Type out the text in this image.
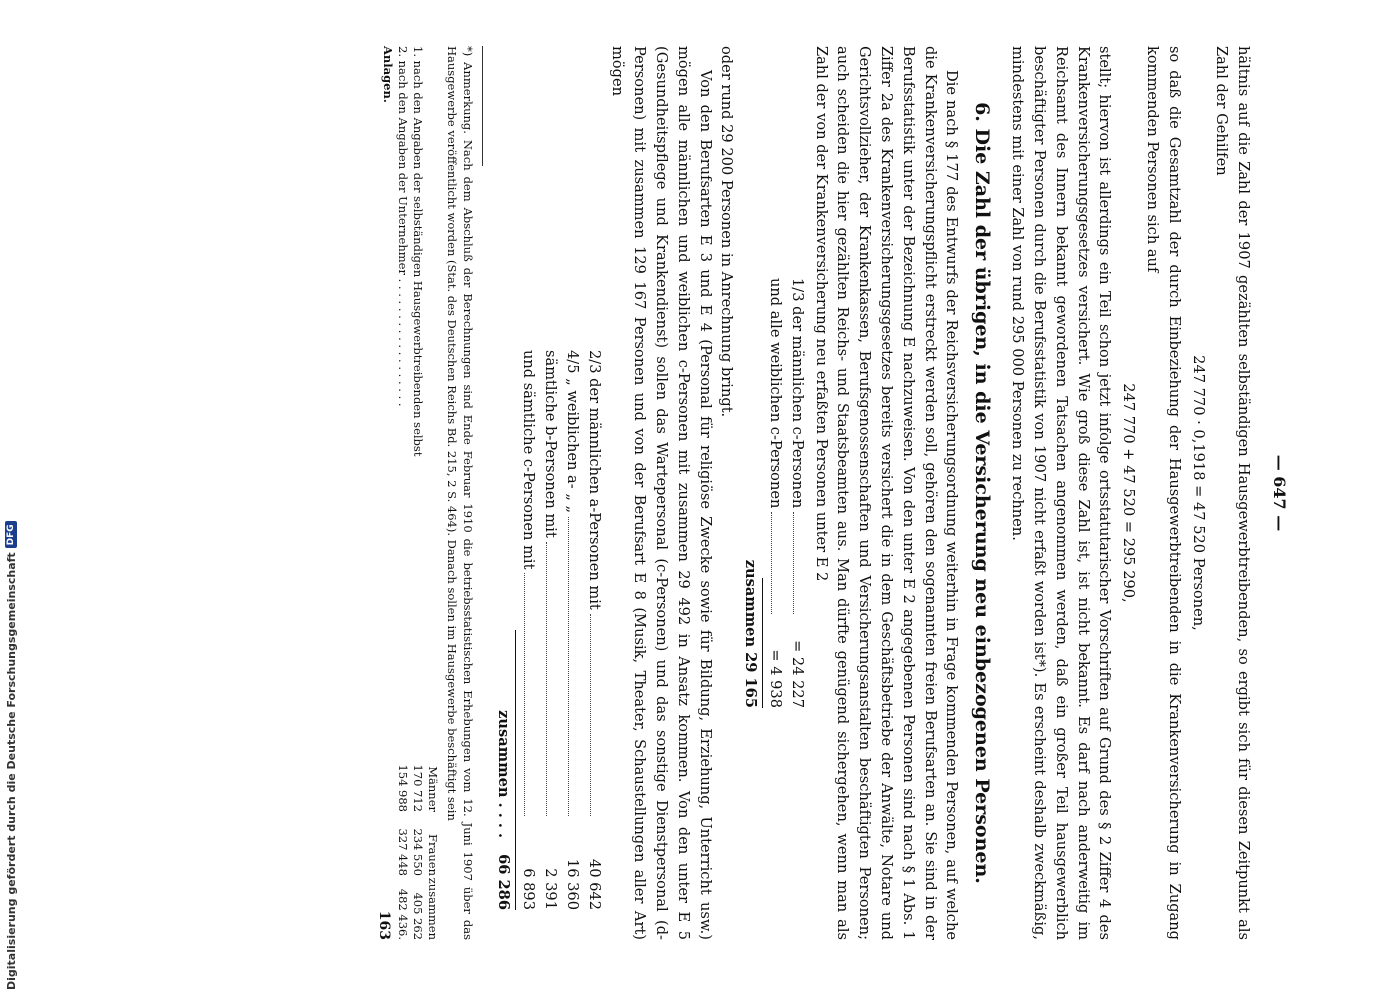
Digitalisierung gefördert durch die Deutsche Forschungsgemeinschaft
DFG
— 647 —

hältnis auf die Zahl der 1907 gezählten selbständigen Hausgewerbtreibenden, so ergibt sich für diesen Zeitpunkt als Zahl der Gehilfen

247 770 · 0,1918 = 47 520 Personen,

so daß die Gesamtzahl der durch Einbeziehung der Hausgewerbtreibenden in die Krankenversicherung in Zugang kommenden Personen sich auf

247 770 + 47 520 = 295 290,

stellt; hiervon ist allerdings ein Teil schon jetzt infolge ortsstatutarischer Vorschriften auf Grund des § 2 Ziffer 4 des Krankenversicherungsgesetzes versichert. Wie groß diese Zahl ist, ist nicht bekannt. Es darf nach anderweitig im Reichsamt des Innern bekannt gewordenen Tatsachen angenommen werden, daß ein großer Teil hausgewerblich beschäftigter Personen durch die Berufsstatistik von 1907 nicht erfaßt worden ist*). Es erscheint deshalb zweckmäßig, mindestens mit einer Zahl von rund 295 000 Personen zu rechnen.

6. Die Zahl der übrigen, in die Versicherung neu einbezogenen Personen.

Die nach § 177 des Entwurfs der Reichsversicherungsordnung weiterhin in Frage kommenden Personen, auf welche die Krankenversicherungspflicht erstreckt werden soll, gehören den sogenannten freien Berufsarten an. Sie sind in der Berufsstatistik unter der Bezeichnung E nachzuweisen. Von den unter E 2 angegebenen Personen sind nach § 1 Abs. 1 Ziffer 2a des Krankenversicherungsgesetzes bereits versichert die in dem Geschäftsbetriebe der Anwälte, Notare und Gerichtsvollzieher, der Krankenkassen, Berufsgenossenschaften und Versicherungsanstalten beschäftigten Personen; auch scheiden die hier gezählten Reichs- und Staatsbeamten aus. Man dürfte genügend sichergehen, wenn man als Zahl der von der Krankenversicherung neu erfaßten Personen unter E 2

1/3 der männlichen c-Personen
= 24 227
und alle weiblichen c-Personen
= 4 938
zusammen 29 165

oder rund 29 200 Personen in Anrechnung bringt.

Von den Berufsarten E 3 und E 4 (Personal für religiöse Zwecke sowie für Bildung, Erziehung, Unterricht usw.) mögen alle männlichen und weiblichen c-Personen mit zusammen 29 492 in Ansatz kommen. Von den unter E 5 (Gesundheitspflege und Krankendienst) sollen das Wartepersonal (c-Personen) und das sonstige Dienstpersonal (d-Personen) mit zusammen 129 167 Personen und von der Berufsart E 8 (Musik, Theater, Schaustellungen aller Art) mögen

2/3 der männlichen a-Personen mit
40 642
4/5 „ weiblichen a- „ „
16 360
sämtliche b-Personen mit
2 391
und sämtliche c-Personen mit
6 893
zusammen . . . .
66 286

*) Anmerkung. Nach dem Abschluß der Berechnungen sind Ende Februar 1910 die betriebsstatistischen Erhebungen vom 12. Juni 1907 über das Hausgewerbe veröffentlicht worden (Stat. des Deutschen Reichs Bd. 215, 2 S. 464). Danach sollen im Hausgewerbe beschäftigt sein

Männer
Frauen
zusammen
1. nach den Angaben der selbständigen Hausgewerbtreibenden selbst
170 712
234 550
405 262
2. nach den Angaben der Unternehmer . . . . . . . . . . . . . . . . . .
154 988
327 448
482 436.
Anlagen.
163
